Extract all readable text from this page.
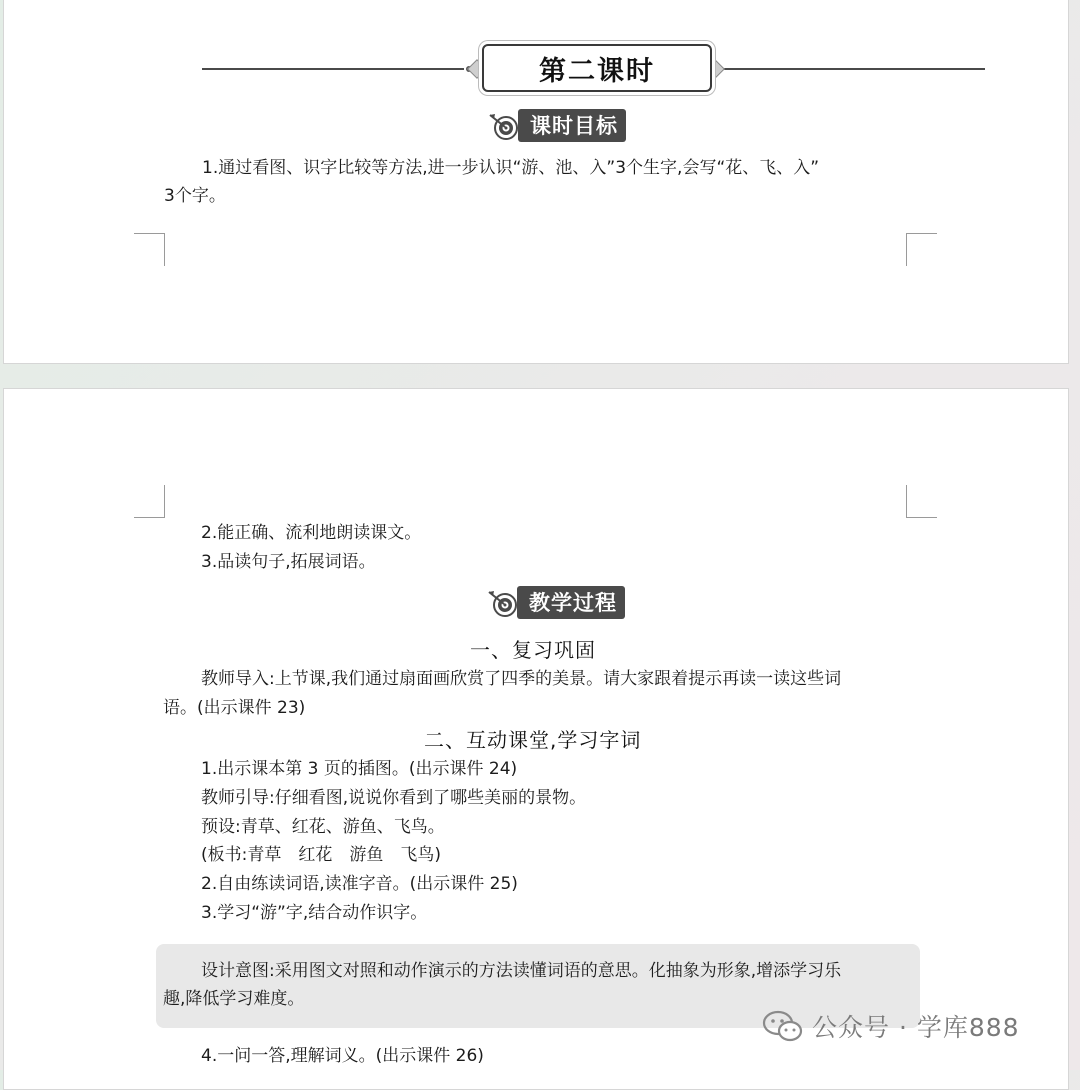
第二课时
课时目标
1.通过看图、识字比较等方法,进一步认识“游、池、入”3个生字,会写“花、飞、入”
3个字。
2.能正确、流利地朗读课文。
3.品读句子,拓展词语。
教学过程
一、复习巩固
教师导入:上节课,我们通过扇面画欣赏了四季的美景。请大家跟着提示再读一读这些词
语。(出示课件 23)
二、互动课堂,学习字词
1.出示课本第 3 页的插图。(出示课件 24)
教师引导:仔细看图,说说你看到了哪些美丽的景物。
预设:青草、红花、游鱼、飞鸟。
(板书:青草　红花　游鱼　飞鸟)
2.自由练读词语,读准字音。(出示课件 25)
3.学习“游”字,结合动作识字。
设计意图:采用图文对照和动作演示的方法读懂词语的意思。化抽象为形象,增添学习乐
趣,降低学习难度。
4.一问一答,理解词义。(出示课件 26)
公众号 · 学库888
